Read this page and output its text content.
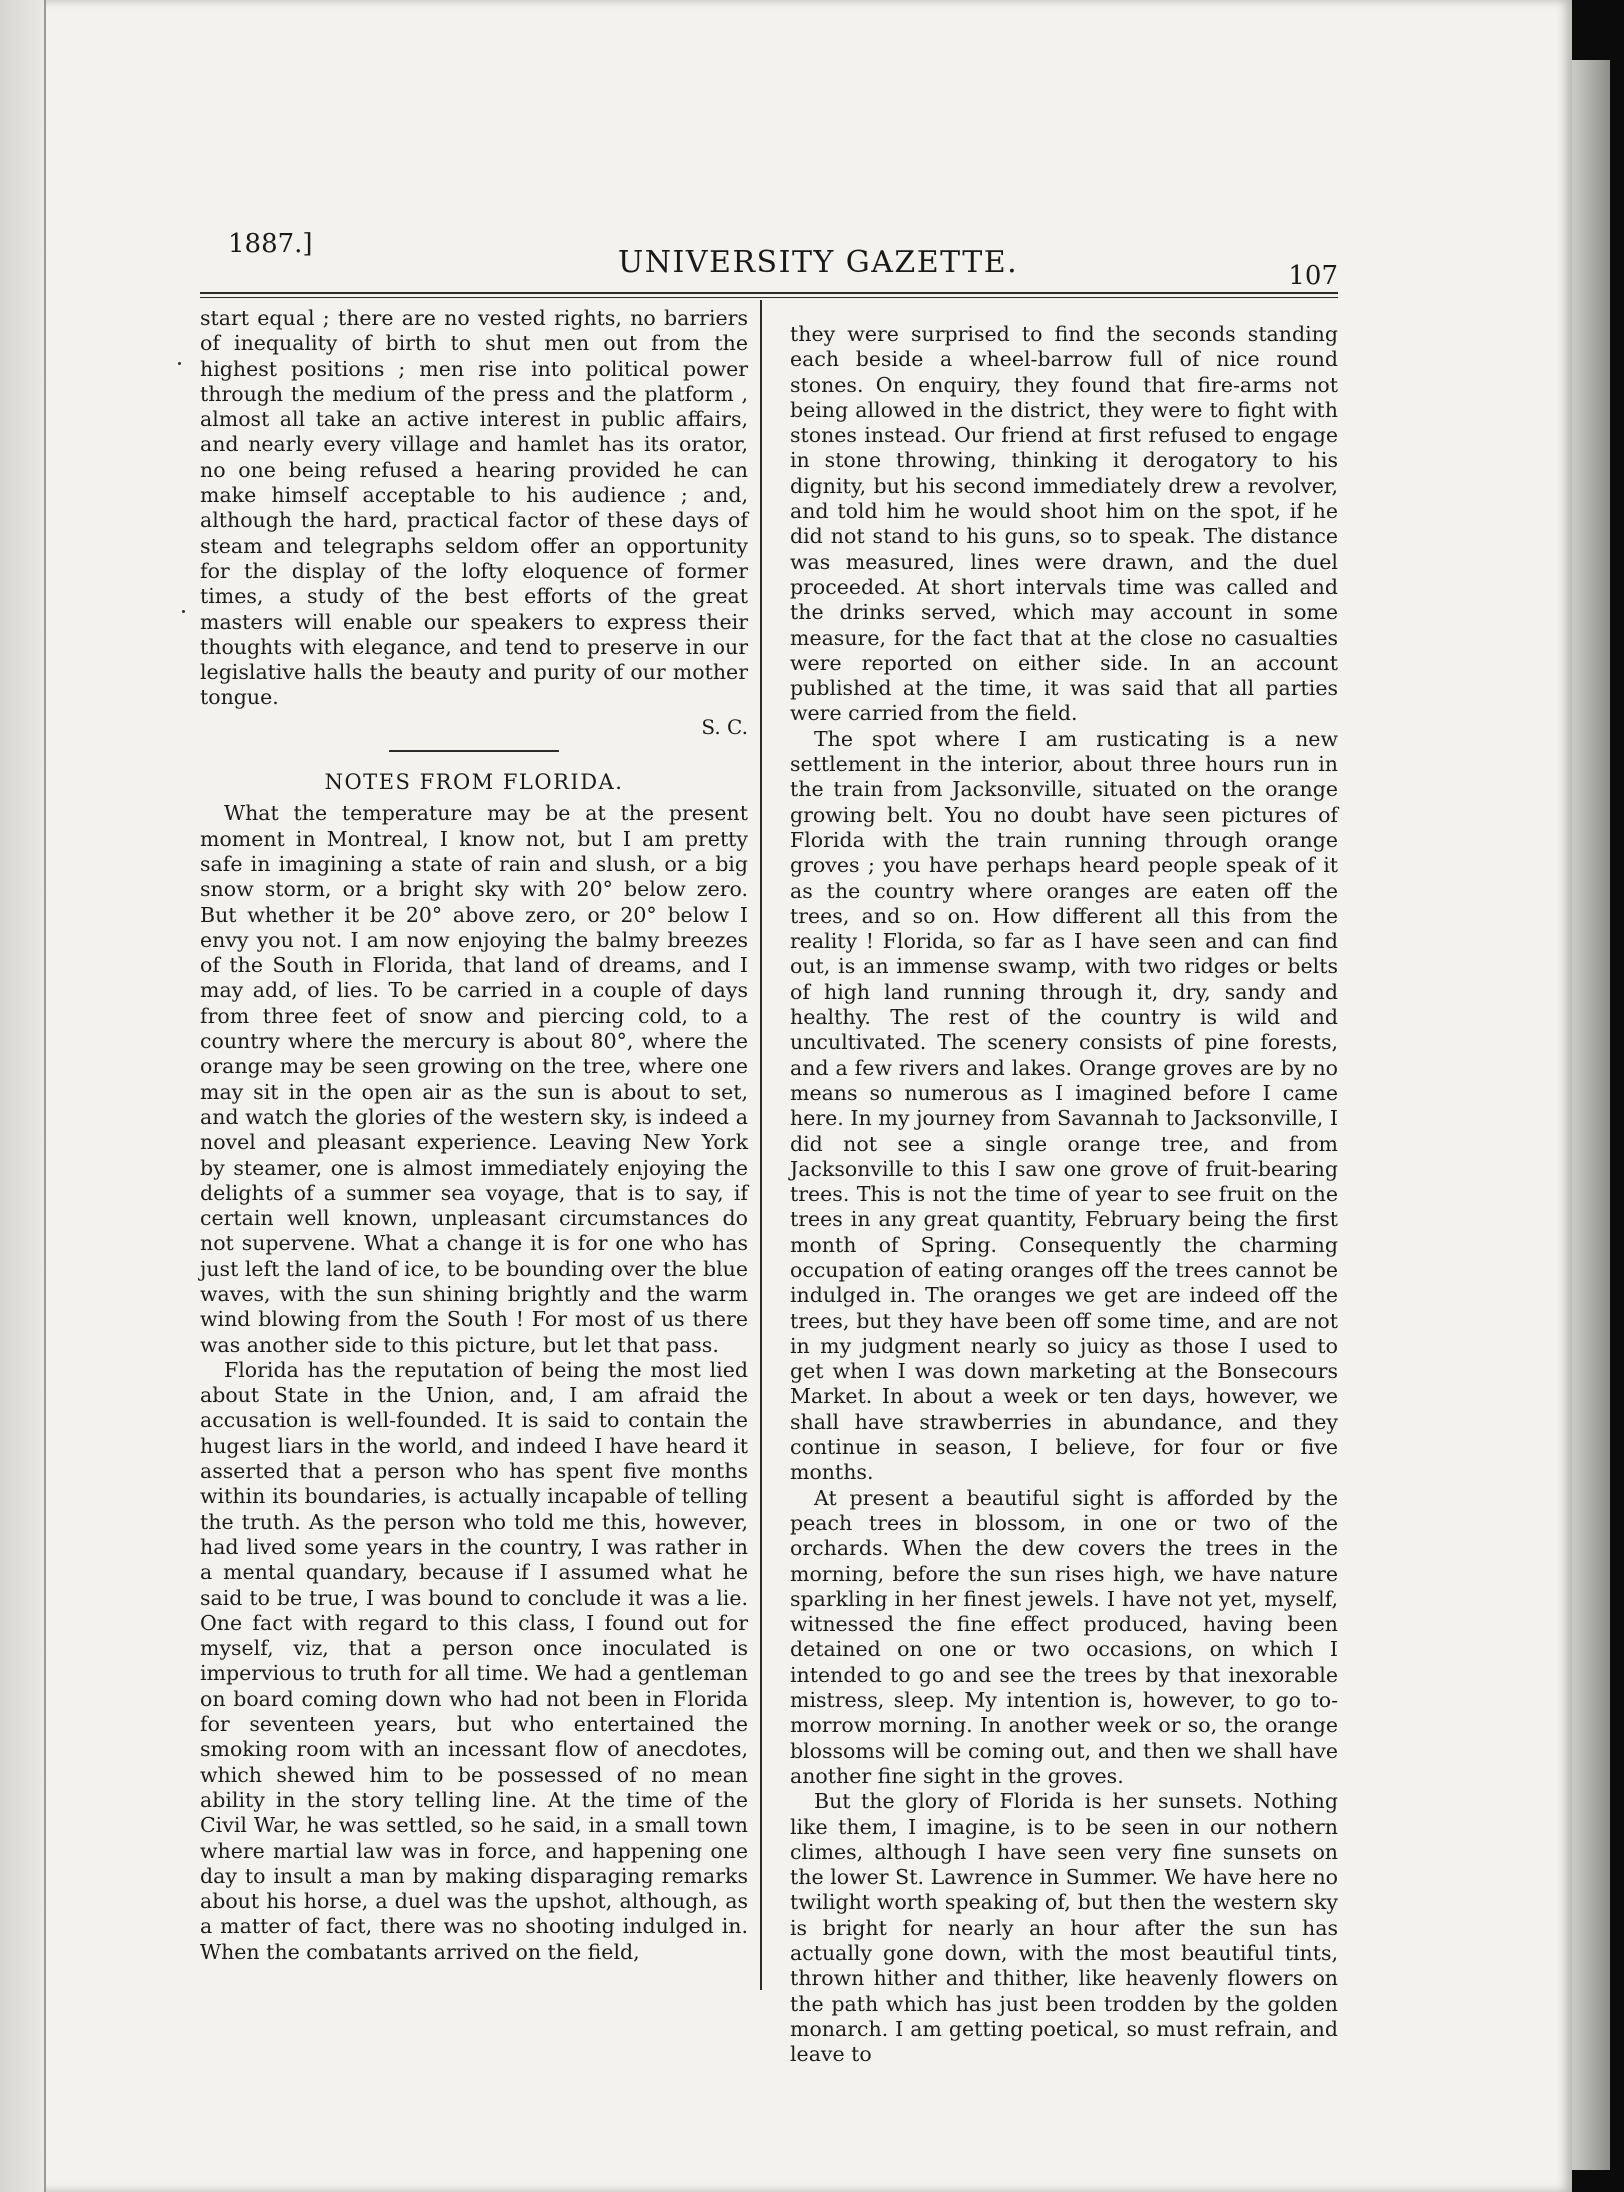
1887.]
UNIVERSITY GAZETTE.	107

start equal ; there are no vested rights, no barriers of inequality of birth to shut men out from the highest positions ; men rise into political power through the medium of the press and the platform , almost all take an active interest in public affairs, and nearly every village and hamlet has its orator, no one being refused a hearing provided he can make himself acceptable to his audience ; and, although the hard, practical factor of these days of steam and telegraphs seldom offer an opportunity for the display of the lofty eloquence of former times, a study of the best efforts of the great masters will enable our speakers to express their thoughts with elegance, and tend to preserve in our legislative halls the beauty and purity of our mother tongue.

S. C.
NOTES FROM FLORIDA.

What the temperature may be at the present moment in Montreal, I know not, but I am pretty safe in imagining a state of rain and slush, or a big snow storm, or a bright sky with 20° below zero. But whether it be 20° above zero, or 20° below I envy you not. I am now enjoying the balmy breezes of the South in Florida, that land of dreams, and I may add, of lies. To be carried in a couple of days from three feet of snow and piercing cold, to a country where the mercury is about 80°, where the orange may be seen growing on the tree, where one may sit in the open air as the sun is about to set, and watch the glories of the western sky, is indeed a novel and pleasant experience. Leaving New York by steamer, one is almost immediately enjoying the delights of a summer sea voyage, that is to say, if certain well known, unpleasant circumstances do not supervene. What a change it is for one who has just left the land of ice, to be bounding over the blue waves, with the sun shining brightly and the warm wind blowing from the South ! For most of us there was another side to this picture, but let that pass.

Florida has the reputation of being the most lied about State in the Union, and, I am afraid the accusation is well-founded. It is said to contain the hugest liars in the world, and indeed I have heard it asserted that a person who has spent five months within its boundaries, is actually incapable of telling the truth. As the person who told me this, however, had lived some years in the country, I was rather in a mental quandary, because if I assumed what he said to be true, I was bound to conclude it was a lie. One fact with regard to this class, I found out for myself, viz, that a person once inoculated is impervious to truth for all time. We had a gentleman on board coming down who had not been in Florida for seventeen years, but who entertained the smoking room with an incessant flow of anecdotes, which shewed him to be possessed of no mean ability in the story telling line. At the time of the Civil War, he was settled, so he said, in a small town where martial law was in force, and happening one day to insult a man by making disparaging remarks about his horse, a duel was the upshot, although, as a matter of fact, there was no shooting indulged in. When the combatants arrived on the field,

they were surprised to find the seconds standing each beside a wheel-barrow full of nice round stones. On enquiry, they found that fire-arms not being allowed in the district, they were to fight with stones instead. Our friend at first refused to engage in stone throwing, thinking it derogatory to his dignity, but his second immediately drew a revolver, and told him he would shoot him on the spot, if he did not stand to his guns, so to speak. The distance was measured, lines were drawn, and the duel proceeded. At short intervals time was called and the drinks served, which may account in some measure, for the fact that at the close no casualties were reported on either side. In an account published at the time, it was said that all parties were carried from the field.

The spot where I am rusticating is a new settlement in the interior, about three hours run in the train from Jacksonville, situated on the orange growing belt. You no doubt have seen pictures of Florida with the train running through orange groves ; you have perhaps heard people speak of it as the country where oranges are eaten off the trees, and so on. How different all this from the reality ! Florida, so far as I have seen and can find out, is an immense swamp, with two ridges or belts of high land running through it, dry, sandy and healthy. The rest of the country is wild and uncultivated. The scenery consists of pine forests, and a few rivers and lakes. Orange groves are by no means so numerous as I imagined before I came here. In my journey from Savannah to Jacksonville, I did not see a single orange tree, and from Jacksonville to this I saw one grove of fruit-bearing trees. This is not the time of year to see fruit on the trees in any great quantity, February being the first month of Spring. Consequently the charming occupation of eating oranges off the trees cannot be indulged in. The oranges we get are indeed off the trees, but they have been off some time, and are not in my judgment nearly so juicy as those I used to get when I was down marketing at the Bonsecours Market. In about a week or ten days, however, we shall have strawberries in abundance, and they continue in season, I believe, for four or five months.

At present a beautiful sight is afforded by the peach trees in blossom, in one or two of the orchards. When the dew covers the trees in the morning, before the sun rises high, we have nature sparkling in her finest jewels. I have not yet, myself, witnessed the fine effect produced, having been detained on one or two occasions, on which I intended to go and see the trees by that inexorable mistress, sleep. My intention is, however, to go to-morrow morning. In another week or so, the orange blossoms will be coming out, and then we shall have another fine sight in the groves.

But the glory of Florida is her sunsets. Nothing like them, I imagine, is to be seen in our nothern climes, although I have seen very fine sunsets on the lower St. Lawrence in Summer. We have here no twilight worth speaking of, but then the western sky is bright for nearly an hour after the sun has actually gone down, with the most beautiful tints, thrown hither and thither, like heavenly flowers on the path which has just been trodden by the golden monarch. I am getting poetical, so must refrain, and leave to
